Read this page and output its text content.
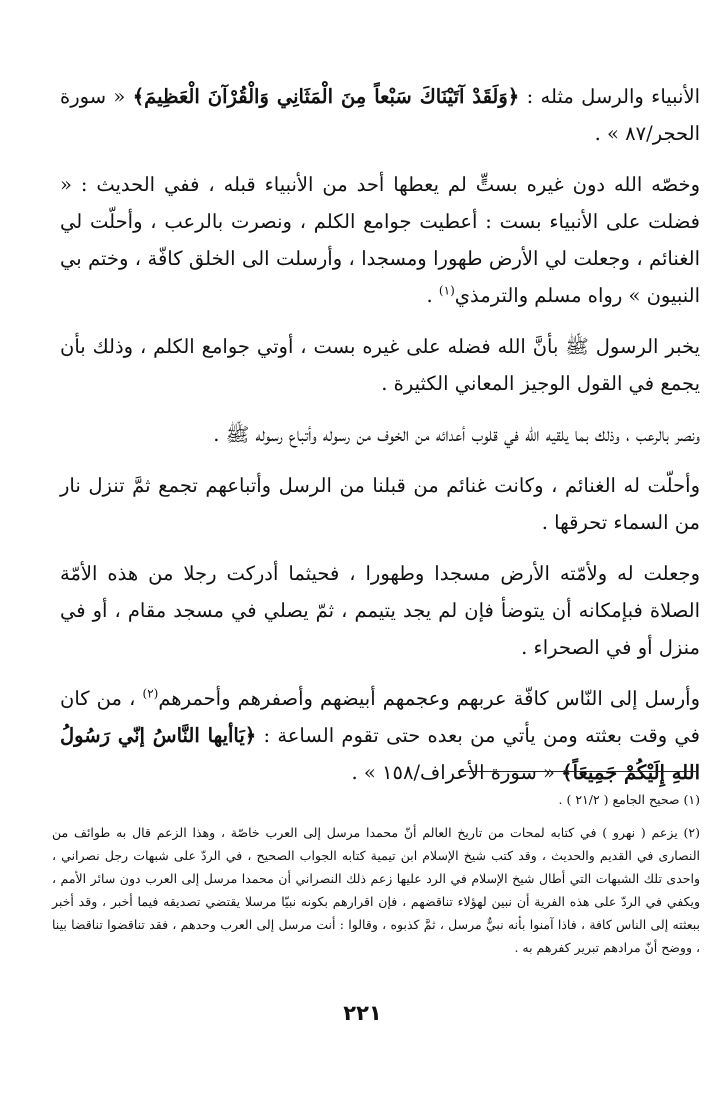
الأنبياء والرسل مثله : ﴿وَلَقَدْ آتَيْنَاكَ سَبْعاً مِنَ الْمَثَانِي وَالْقُرْآنَ الْعَظِيمَ﴾ « سورة الحجر/٨٧ » .

وخصّه الله دون غيره بستٍّ لم يعطها أحد من الأنبياء قبله ، ففي الحديث : « فضلت على الأنبياء بست : أعطيت جوامع الكلم ، ونصرت بالرعب ، وأحلّت لي الغنائم ، وجعلت لي الأرض طهورا ومسجدا ، وأرسلت الى الخلق كافّة ، وختم بي النبيون » رواه مسلم والترمذي$^{(١)}$ .

يخبر الرسول ﷺ بأنَّ الله فضله على غيره بست ، أوتي جوامع الكلم ، وذلك بأن يجمع في القول الوجيز المعاني الكثيرة .

ونصر بالرعب ، وذلك بما يلقيه الله في قلوب أعدائه من الخوف من رسوله وأتباع رسوله ﷺ .

وأحلّت له الغنائم ، وكانت غنائم من قبلنا من الرسل وأتباعهم تجمع ثمَّ تنزل نار من السماء تحرقها .

وجعلت له ولأمّته الأرض مسجدا وطهورا ، فحيثما أدركت رجلا من هذه الأمّة الصلاة فبإمكانه أن يتوضأ فإن لم يجد يتيمم ، ثمّ يصلي في مسجد مقام ، أو في منزل أو في الصحراء .

وأرسل إلى النّاس كافّة عربهم وعجمهم أبيضهم وأصفرهم وأحمرهم$^{(٢)}$ ، من كان في وقت بعثته ومن يأتي من بعده حتى تقوم الساعة : ﴿يَاأيها النَّاسُ إنّي رَسُولُ اللهِ إِلَيْكُمْ جَمِيعَاً﴾ « سورة الأعراف/١٥٨ » .

(١) صحيح الجامع ( ٢١/٢ ) .

(٢) يزعم ( نهرو ) في كتابه لمحات من تاريخ العالم أنّ محمدا مرسل إلى العرب خاصّة ، وهذا الزعم قال به طوائف من النصارى في القديم والحديث ، وقد كتب شيخ الإسلام ابن تيمية كتابه الجواب الصحيح ، في الردّ على شبهات رجل نصراني ، واحدى تلك الشبهات التي أطال شيخ الإسلام في الرد عليها زعم ذلك النصراني أن محمدا مرسل إلى العرب دون سائر الأمم ، ويكفي في الردّ على هذه الفرية أن نبين لهؤلاء تناقضهم ، فإن اقرارهم بكونه نبيّا مرسلا يقتضي تصديقه فيما أخبر ، وقد أخبر ببعثته إلى الناس كافة ، فاذا آمنوا بأنه نبيٌّ مرسل ، ثمَّ كذبوه ، وقالوا : أنت مرسل إلى العرب وحدهم ، فقد تناقضوا تناقضا بينا ، ووضح أنّ مرادهم تبرير كفرهم به .

٢٢١
